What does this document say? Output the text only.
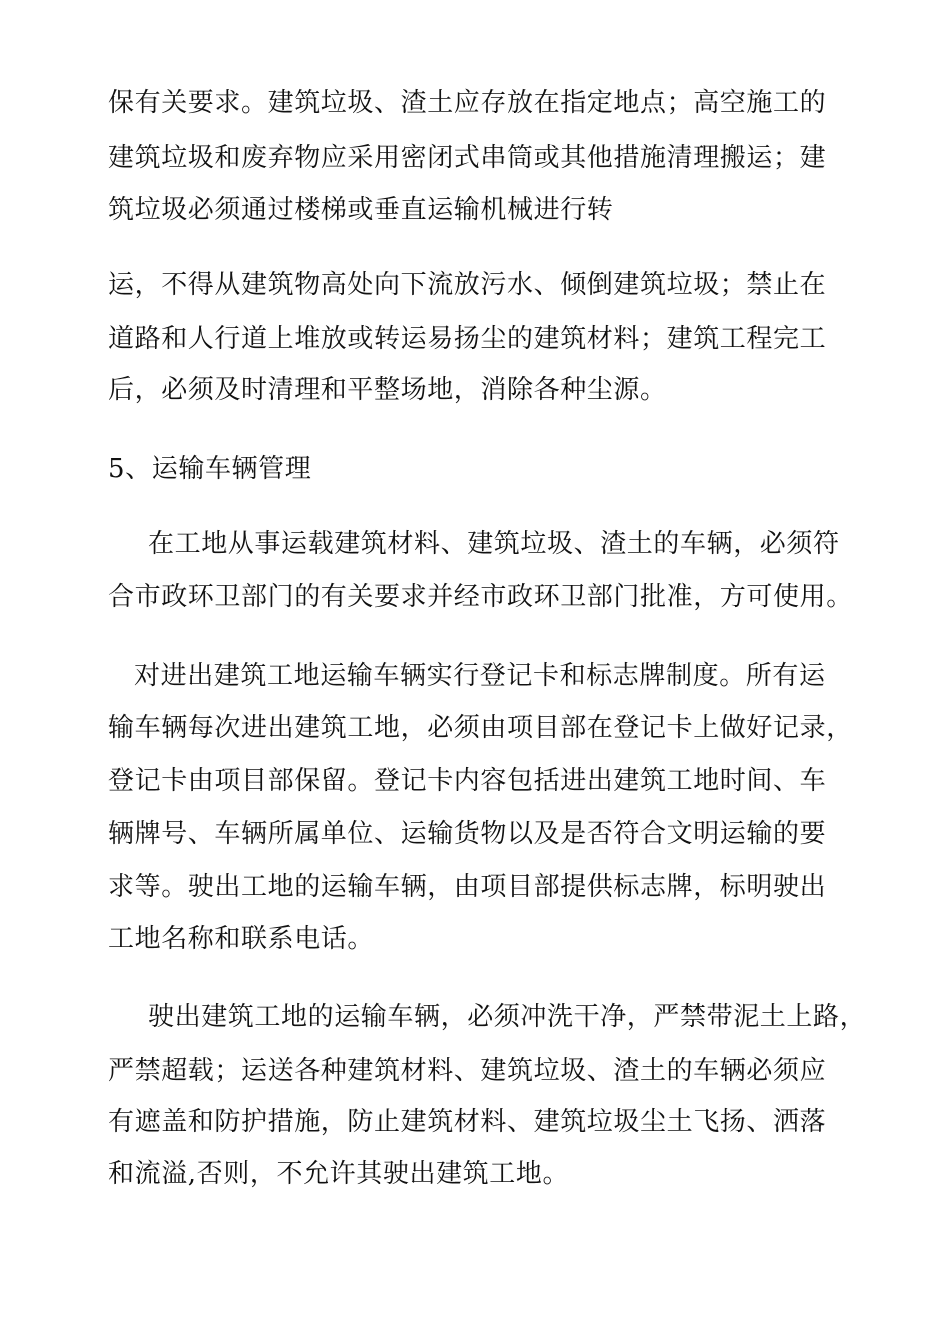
保有关要求。建筑垃圾、渣土应存放在指定地点；高空施工的
建筑垃圾和废弃物应采用密闭式串筒或其他措施清理搬运；建
筑垃圾必须通过楼梯或垂直运输机械进行转
运，不得从建筑物高处向下流放污水、倾倒建筑垃圾；禁止在
道路和人行道上堆放或转运易扬尘的建筑材料；建筑工程完工
后，必须及时清理和平整场地，消除各种尘源。
5、运输车辆管理
在工地从事运载建筑材料、建筑垃圾、渣土的车辆，必须符
合市政环卫部门的有关要求并经市政环卫部门批准，方可使用。
对进出建筑工地运输车辆实行登记卡和标志牌制度。所有运
输车辆每次进出建筑工地，必须由项目部在登记卡上做好记录，
登记卡由项目部保留。登记卡内容包括进出建筑工地时间、车
辆牌号、车辆所属单位、运输货物以及是否符合文明运输的要
求等。驶出工地的运输车辆，由项目部提供标志牌，标明驶出
工地名称和联系电话。
驶出建筑工地的运输车辆，必须冲洗干净，严禁带泥土上路，
严禁超载；运送各种建筑材料、建筑垃圾、渣土的车辆必须应
有遮盖和防护措施，防止建筑材料、建筑垃圾尘土飞扬、洒落
和流溢,否则，不允许其驶出建筑工地。
